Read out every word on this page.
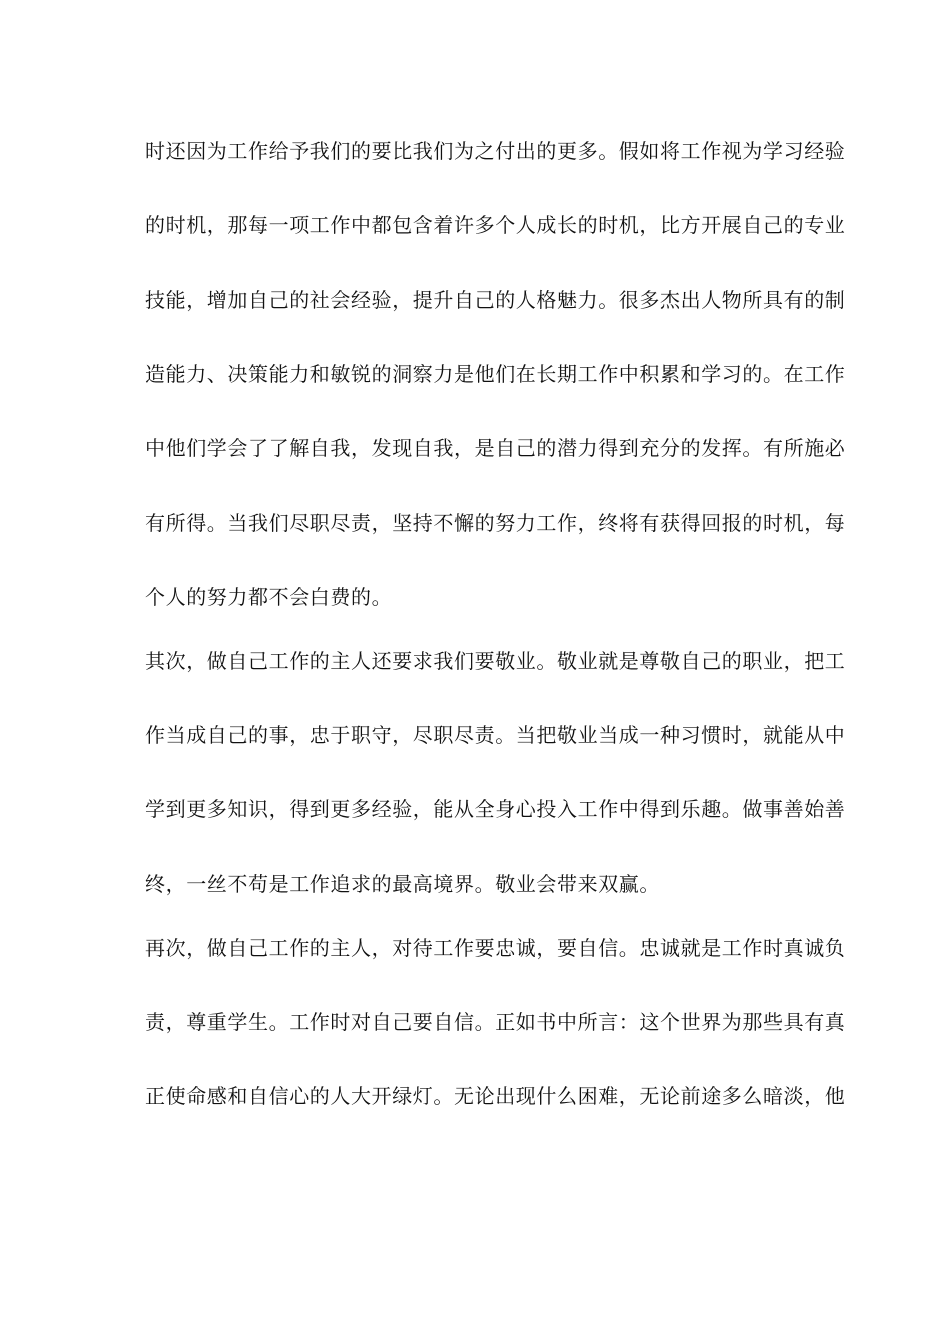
时还因为工作给予我们的要比我们为之付出的更多。假如将工作视为学习经验
的时机，那每一项工作中都包含着许多个人成长的时机，比方开展自己的专业
技能，增加自己的社会经验，提升自己的人格魅力。很多杰出人物所具有的制
造能力、决策能力和敏锐的洞察力是他们在长期工作中积累和学习的。在工作
中他们学会了了解自我，发现自我，是自己的潜力得到充分的发挥。有所施必
有所得。当我们尽职尽责，坚持不懈的努力工作，终将有获得回报的时机，每
个人的努力都不会白费的。
其次，做自己工作的主人还要求我们要敬业。敬业就是尊敬自己的职业，把工
作当成自己的事，忠于职守，尽职尽责。当把敬业当成一种习惯时，就能从中
学到更多知识，得到更多经验，能从全身心投入工作中得到乐趣。做事善始善
终，一丝不苟是工作追求的最高境界。敬业会带来双赢。
再次，做自己工作的主人，对待工作要忠诚，要自信。忠诚就是工作时真诚负
责，尊重学生。工作时对自己要自信。正如书中所言：这个世界为那些具有真
正使命感和自信心的人大开绿灯。无论出现什么困难，无论前途多么暗淡，他
